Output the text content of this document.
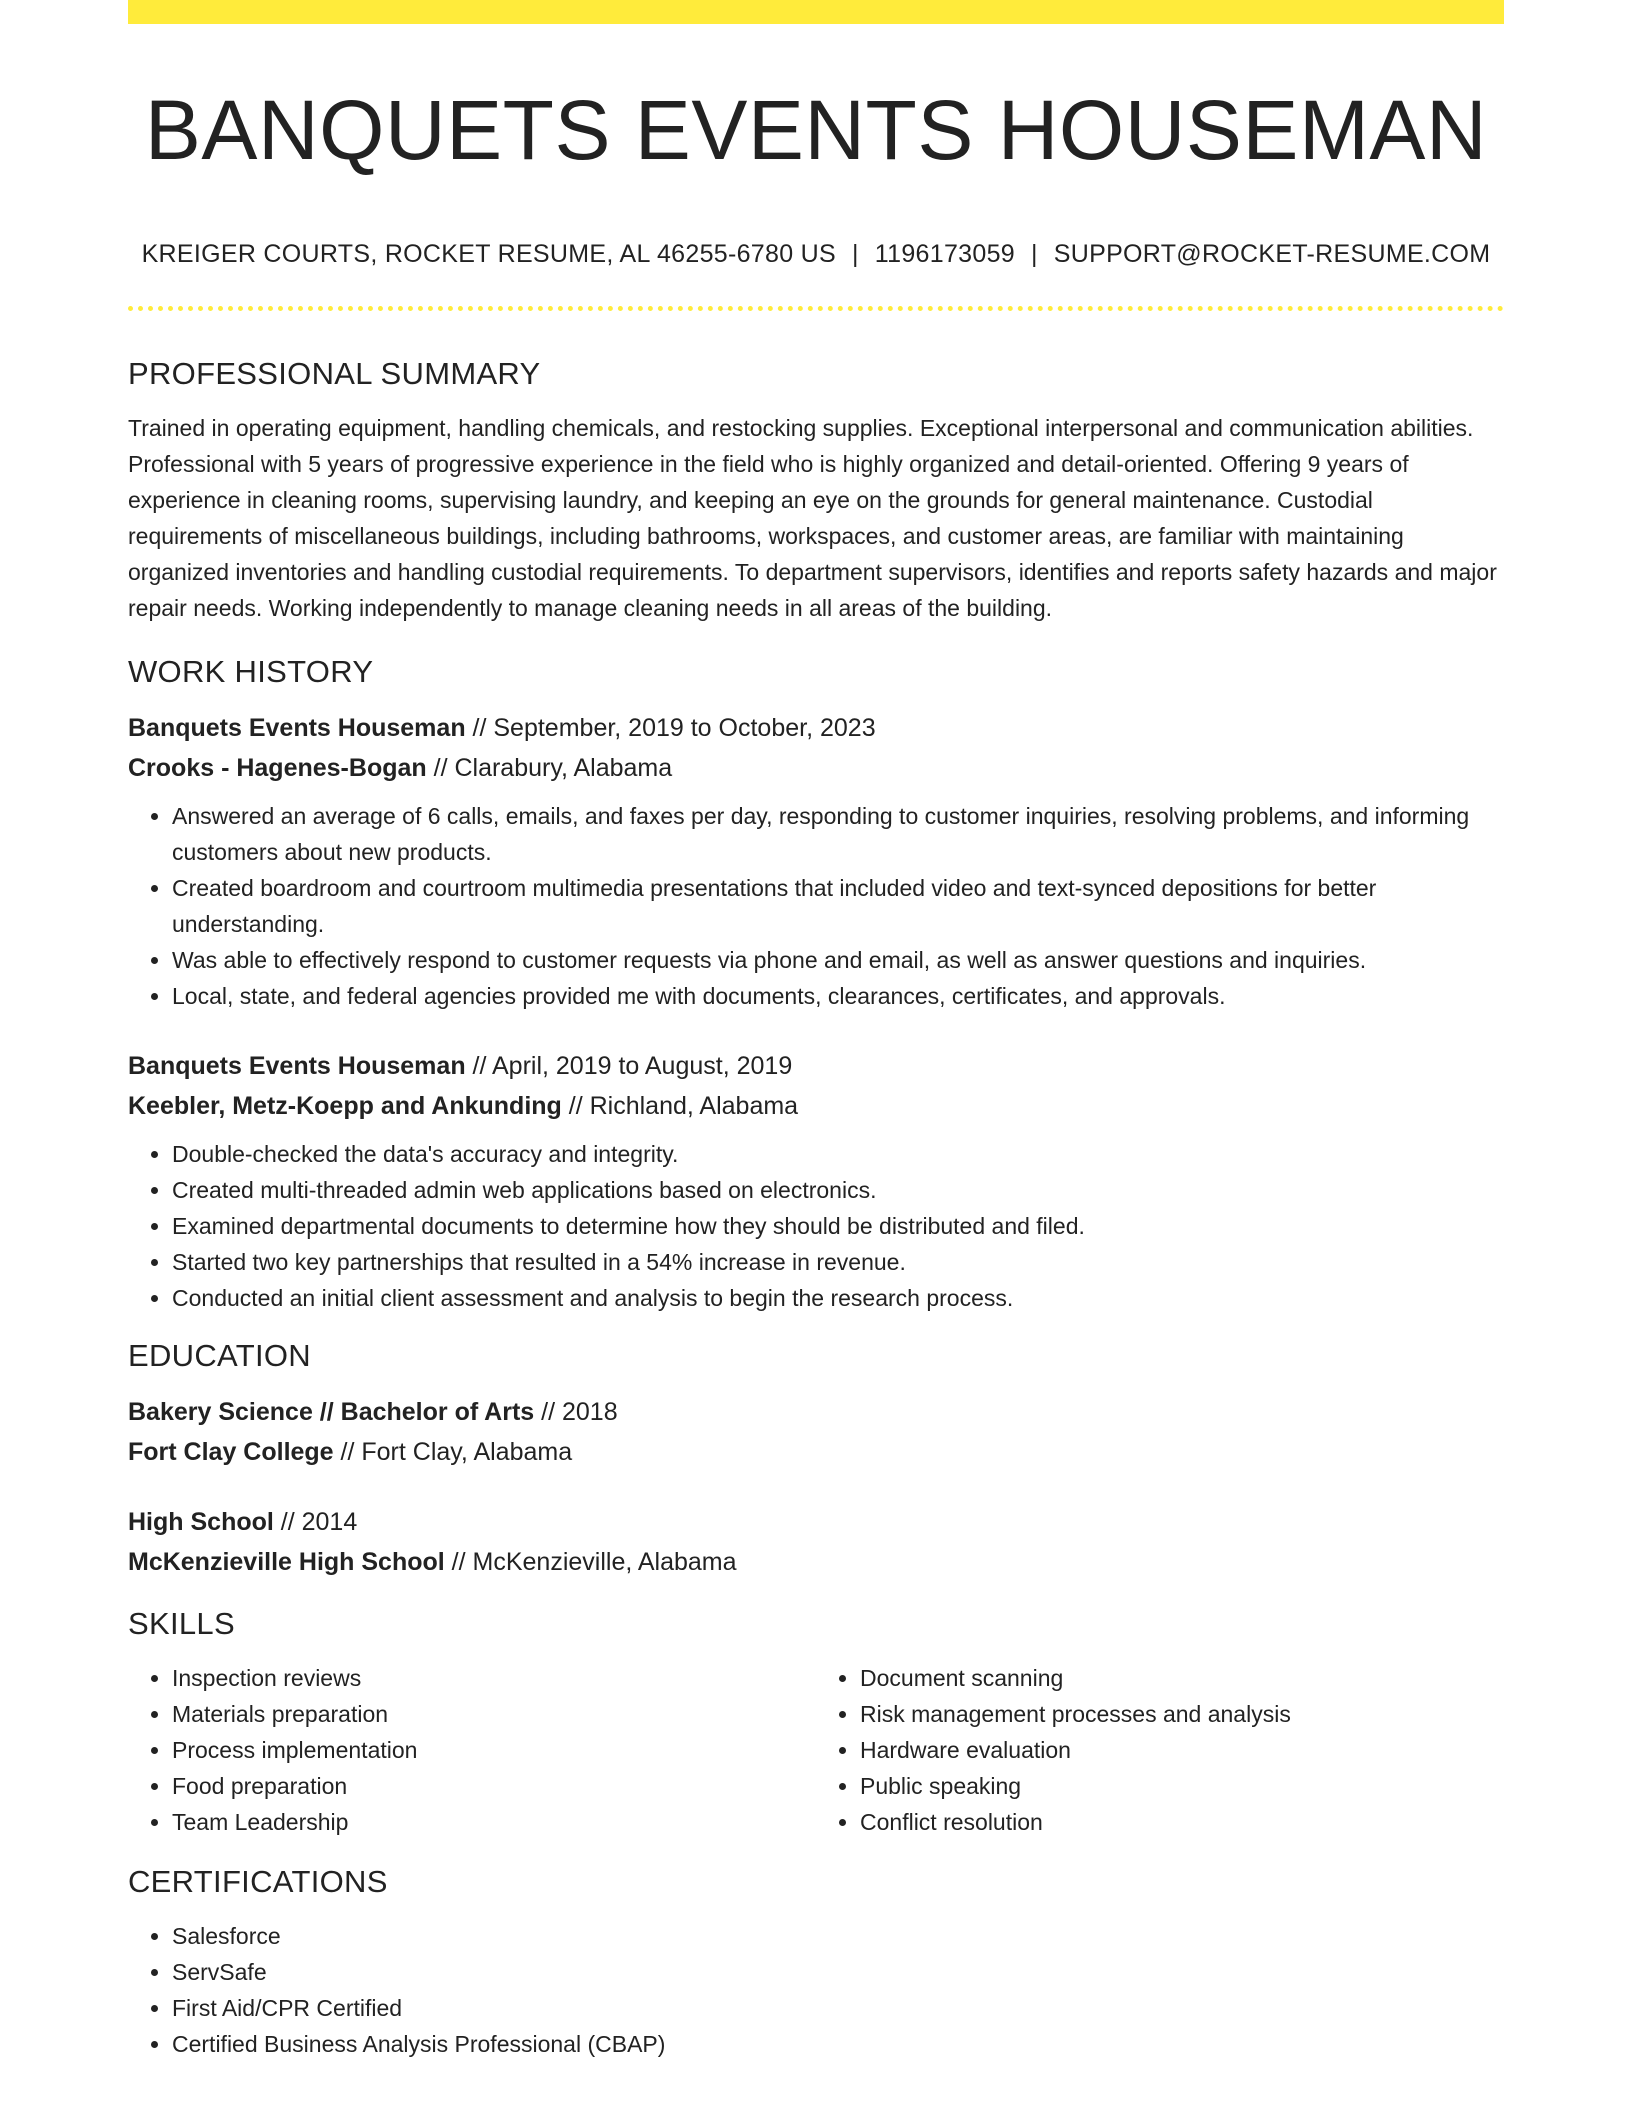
BANQUETS EVENTS HOUSEMAN
KREIGER COURTS, ROCKET RESUME, AL 46255-6780 US | 1196173059 | SUPPORT@ROCKET-RESUME.COM
PROFESSIONAL SUMMARY

Trained in operating equipment, handling chemicals, and restocking supplies. Exceptional interpersonal and communication abilities. Professional with 5 years of progressive experience in the field who is highly organized and detail-oriented. Offering 9 years of experience in cleaning rooms, supervising laundry, and keeping an eye on the grounds for general maintenance. Custodial requirements of miscellaneous buildings, including bathrooms, workspaces, and customer areas, are familiar with maintaining organized inventories and handling custodial requirements. To department supervisors, identifies and reports safety hazards and major repair needs. Working independently to manage cleaning needs in all areas of the building.

WORK HISTORY

Banquets Events Houseman // September, 2019 to October, 2023

Crooks - Hagenes-Bogan // Clarabury, Alabama

• Answered an average of 6 calls, emails, and faxes per day, responding to customer inquiries, resolving problems, and informing customers about new products.
• Created boardroom and courtroom multimedia presentations that included video and text-synced depositions for better understanding.
• Was able to effectively respond to customer requests via phone and email, as well as answer questions and inquiries.
• Local, state, and federal agencies provided me with documents, clearances, certificates, and approvals.

Banquets Events Houseman // April, 2019 to August, 2019

Keebler, Metz-Koepp and Ankunding // Richland, Alabama

• Double-checked the data's accuracy and integrity.
• Created multi-threaded admin web applications based on electronics.
• Examined departmental documents to determine how they should be distributed and filed.
• Started two key partnerships that resulted in a 54% increase in revenue.
• Conducted an initial client assessment and analysis to begin the research process.
EDUCATION

Bakery Science // Bachelor of Arts // 2018

Fort Clay College // Fort Clay, Alabama

High School // 2014

McKenzieville High School // McKenzieville, Alabama

SKILLS
• Inspection reviews
• Materials preparation
• Process implementation
• Food preparation
• Team Leadership
• Document scanning
• Risk management processes and analysis
• Hardware evaluation
• Public speaking
• Conflict resolution
CERTIFICATIONS
• Salesforce
• ServSafe
• First Aid/CPR Certified
• Certified Business Analysis Professional (CBAP)
